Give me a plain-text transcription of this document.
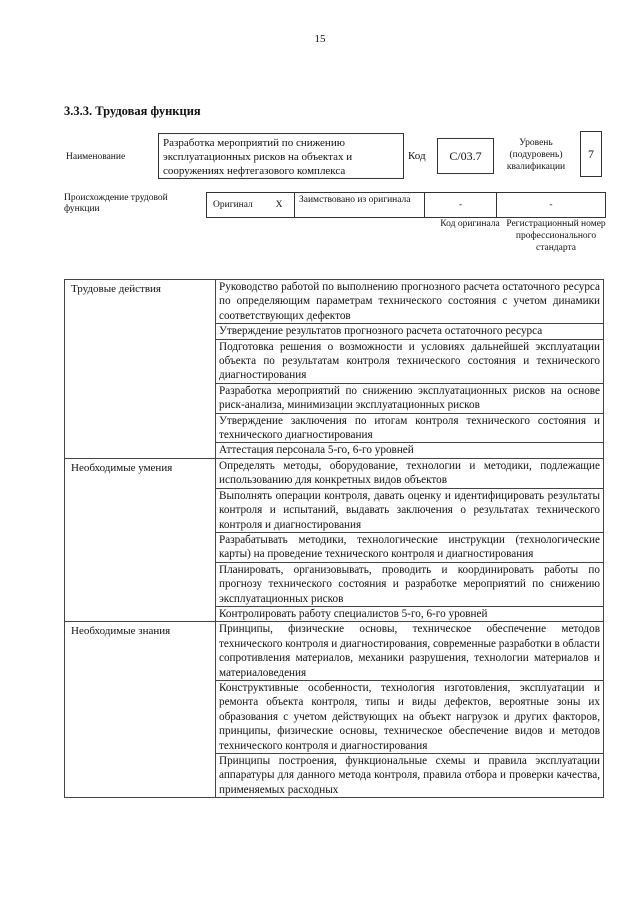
15
3.3.3. Трудовая функция
Наименование
Разработка мероприятий по снижению эксплуатационных рисков на объектах и сооружениях нефтегазового комплекса
Код	C/03.7
Уровень (подуровень) квалификации
7
Происхождение трудовой функции	Оригинал	X	Заимствовано из оригинала	-	-
Код оригинала Регистрационный номер профессионального стандарта
Трудовые действия	Руководство работой по выполнению прогнозного расчета остаточного ресурса по определяющим параметрам технического состояния с учетом динамики соответствующих дефектов
	Утверждение результатов прогнозного расчета остаточного ресурса
	Подготовка решения о возможности и условиях дальнейшей эксплуатации объекта по результатам контроля технического состояния и технического диагностирования
	Разработка мероприятий по снижению эксплуатационных рисков на основе риск-анализа, минимизации эксплуатационных рисков
	Утверждение заключения по итогам контроля технического состояния и технического диагностирования
	Аттестация персонала 5-го, 6-го уровней
Необходимые умения	Определять методы, оборудование, технологии и методики, подлежащие использованию для конкретных видов объектов
	Выполнять операции контроля, давать оценку и идентифицировать результаты контроля и испытаний, выдавать заключения о результатах технического контроля и диагностирования
	Разрабатывать методики, технологические инструкции (технологические карты) на проведение технического контроля и диагностирования
	Планировать, организовывать, проводить и координировать работы по прогнозу технического состояния и разработке мероприятий по снижению эксплуатационных рисков
	Контролировать работу специалистов 5-го, 6-го уровней
Необходимые знания	Принципы, физические основы, техническое обеспечение методов технического контроля и диагностирования, современные разработки в области сопротивления материалов, механики разрушения, технологии материалов и материаловедения
	Конструктивные особенности, технология изготовления, эксплуатации и ремонта объекта контроля, типы и виды дефектов, вероятные зоны их образования с учетом действующих на объект нагрузок и других факторов, принципы, физические основы, техническое обеспечение видов и методов технического контроля и диагностирования
	Принципы построения, функциональные схемы и правила эксплуатации аппаратуры для данного метода контроля, правила отбора и проверки качества, применяемых расходных
